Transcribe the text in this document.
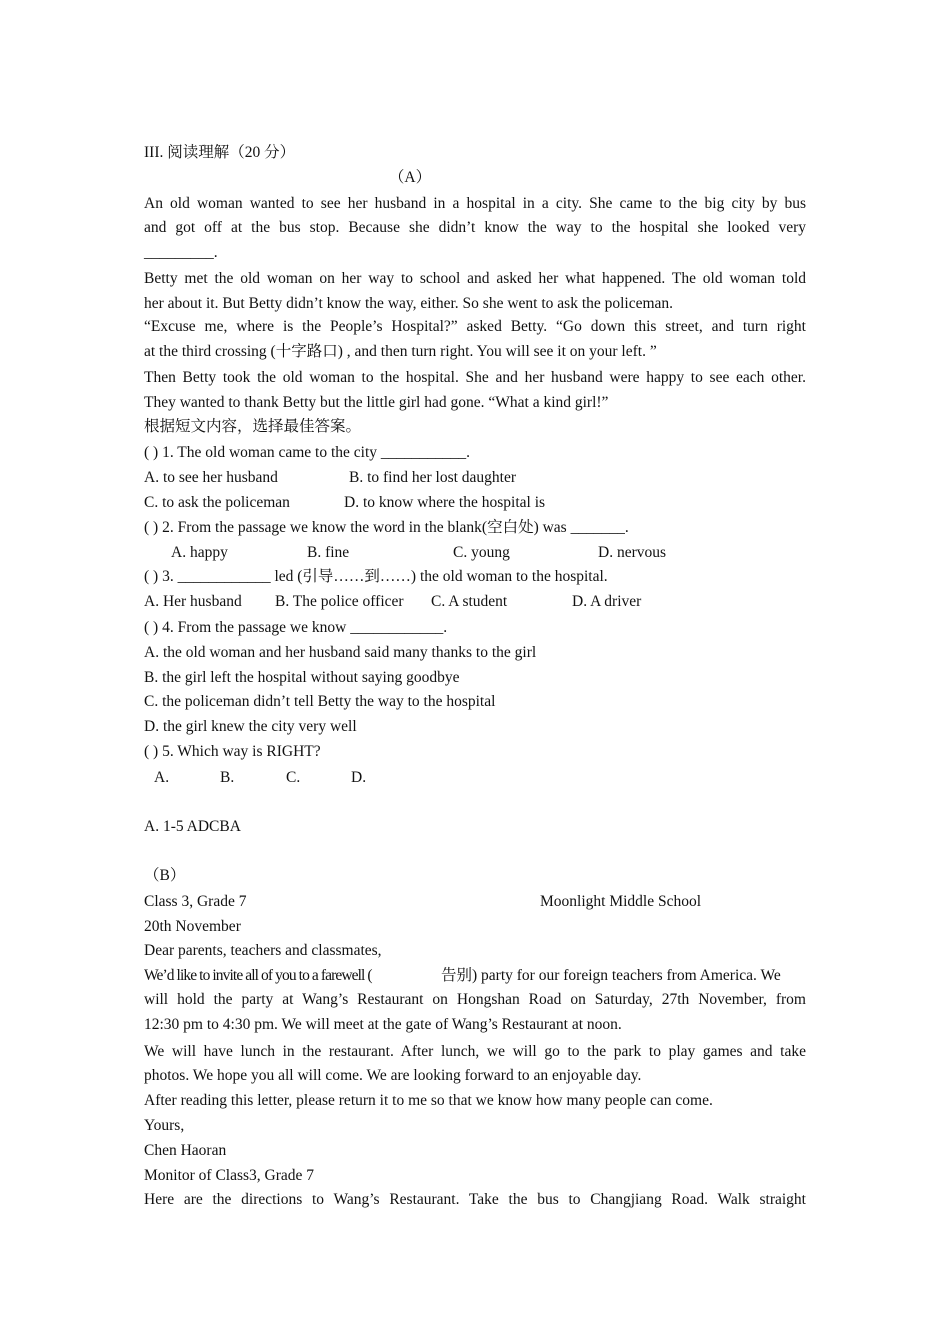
III. 阅读理解（20 分）
（A）
An old woman wanted to see her husband in a hospital in a city. She came to the big city by bus
and got off at the bus stop. Because she didn’t know the way to the hospital she looked very
_________.
Betty met the old woman on her way to school and asked her what happened. The old woman told
her about it. But Betty didn’t know the way, either. So she went to ask the policeman.
“Excuse me, where is the People’s Hospital?” asked Betty. “Go down this street, and turn right
at the third crossing (十字路口) , and then turn right. You will see it on your left. ”
Then Betty took the old woman to the hospital. She and her husband were happy to see each other.
They wanted to thank Betty but the little girl had gone. “What a kind girl!”
根据短文内容，选择最佳答案。
( ) 1. The old woman came to the city ___________.
A. to see her husband	B. to find her lost daughter
C. to ask the policeman	D. to know where the hospital is
( ) 2. From the passage we know the word in the blank(空白处) was _______.
A. happy	B. fine	C. young	D. nervous
( ) 3. ____________ led (引导……到……) the old woman to the hospital.
A. Her husband B. The police officer C. A student	D. A driver
( ) 4. From the passage we know ____________.
A. the old woman and her husband said many thanks to the girl
B. the girl left the hospital without saying goodbye
C. the policeman didn’t tell Betty the way to the hospital
D. the girl knew the city very well
( ) 5. Which way is RIGHT?
A.	B.	C.	D.
A. 1-5 ADCBA
（B）
Class 3, Grade 7	Moonlight Middle School
20th November
Dear parents, teachers and classmates,
We’d like to invite all of you to a farewell (	告别) party for our foreign teachers from America. We
will hold the party at Wang’s Restaurant on Hongshan Road on Saturday, 27th November, from
12:30 pm to 4:30 pm. We will meet at the gate of Wang’s Restaurant at noon.
We will have lunch in the restaurant. After lunch, we will go to the park to play games and take
photos. We hope you all will come. We are looking forward to an enjoyable day.
After reading this letter, please return it to me so that we know how many people can come.
Yours,
Chen Haoran
Monitor of Class3, Grade 7
Here are the directions to Wang’s Restaurant. Take the bus to Changjiang Road. Walk straight
